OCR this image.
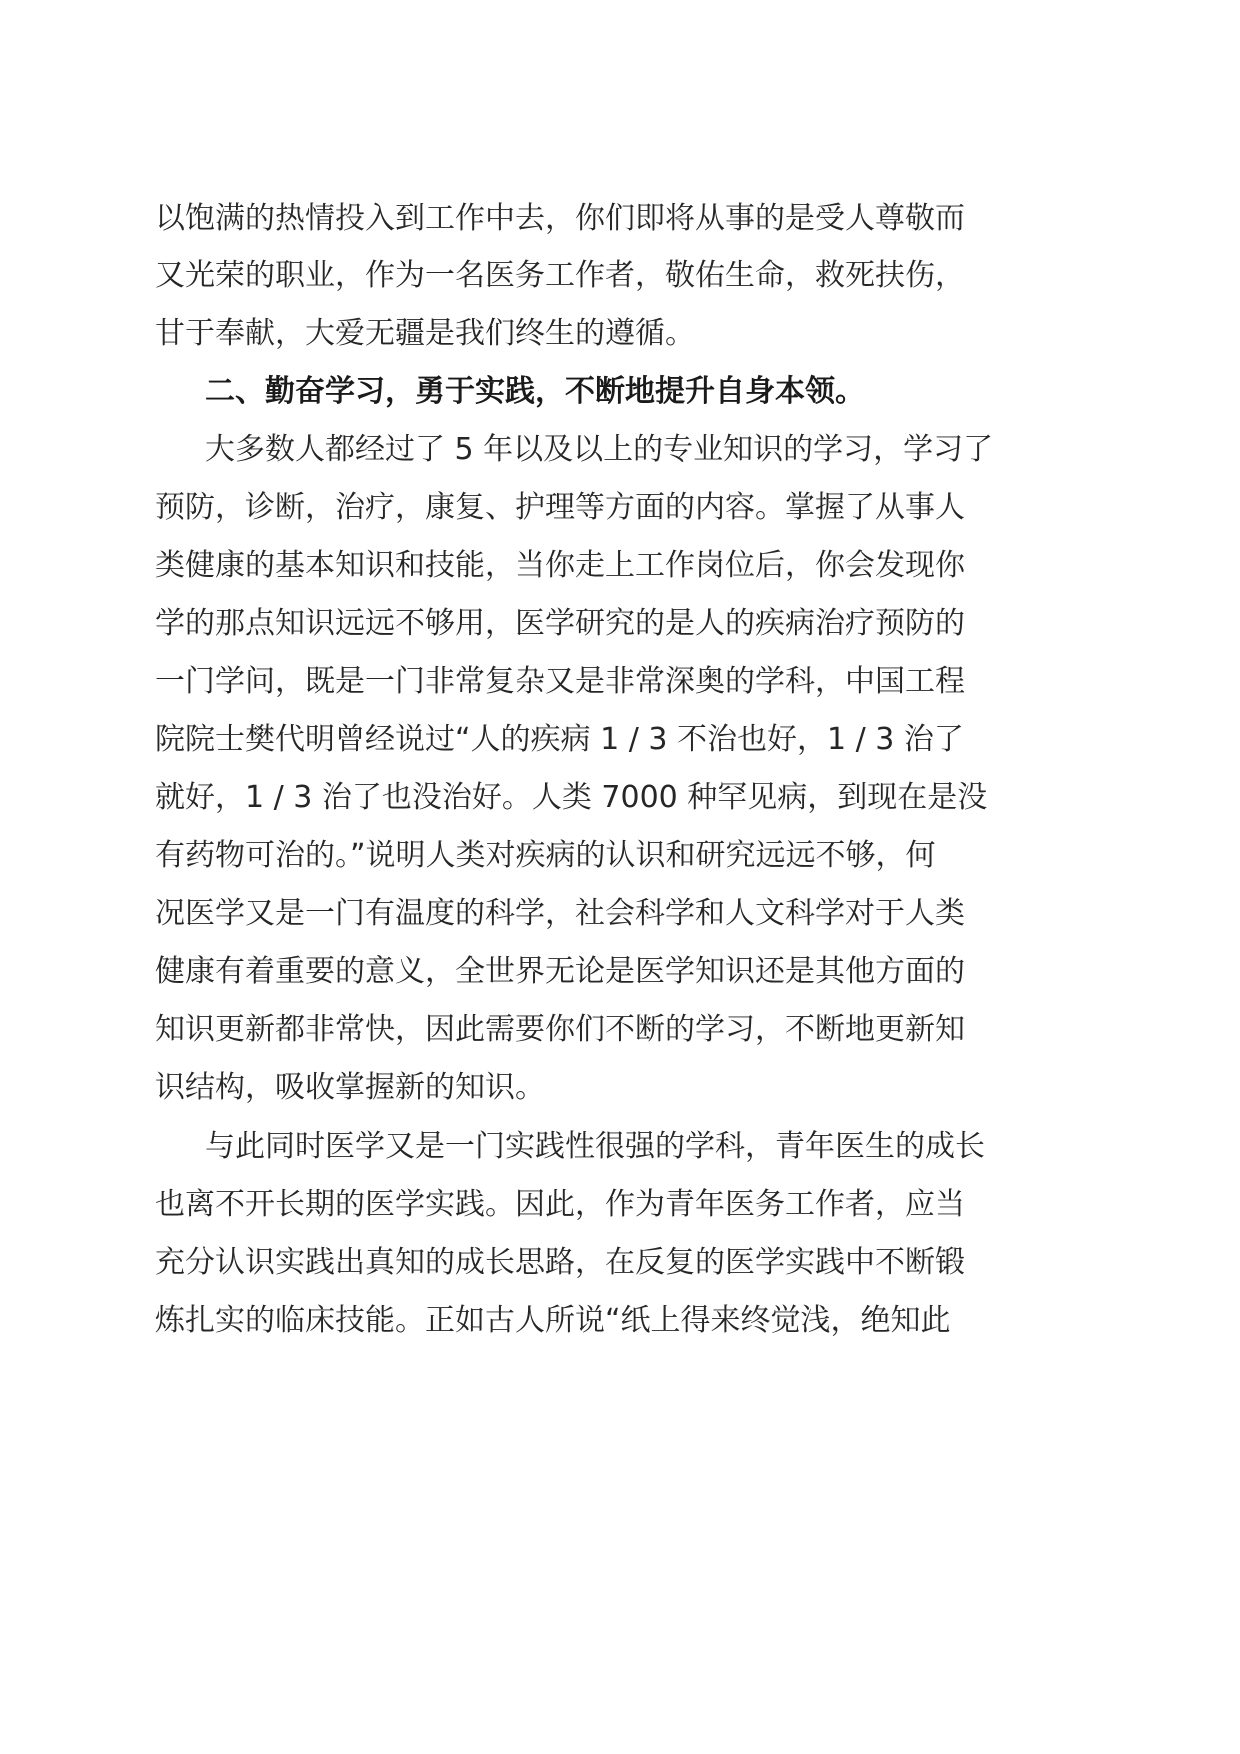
以饱满的热情投入到工作中去，你们即将从事的是受人尊敬而
又光荣的职业，作为一名医务工作者，敬佑生命，救死扶伤，
甘于奉献，大爱无疆是我们终生的遵循。
二、勤奋学习，勇于实践，不断地提升自身本领。
大多数人都经过了 5 年以及以上的专业知识的学习，学习了
预防，诊断，治疗，康复、护理等方面的内容。掌握了从事人
类健康的基本知识和技能，当你走上工作岗位后，你会发现你
学的那点知识远远不够用，医学研究的是人的疾病治疗预防的
一门学问，既是一门非常复杂又是非常深奥的学科，中国工程
院院士樊代明曾经说过“人的疾病 1 / 3 不治也好，1 / 3 治了
就好，1 / 3 治了也没治好。人类 7000 种罕见病，到现在是没
有药物可治的。”说明人类对疾病的认识和研究远远不够，何
况医学又是一门有温度的科学，社会科学和人文科学对于人类
健康有着重要的意义，全世界无论是医学知识还是其他方面的
知识更新都非常快，因此需要你们不断的学习，不断地更新知
识结构，吸收掌握新的知识。
与此同时医学又是一门实践性很强的学科，青年医生的成长
也离不开长期的医学实践。因此，作为青年医务工作者，应当
充分认识实践出真知的成长思路，在反复的医学实践中不断锻
炼扎实的临床技能。正如古人所说“纸上得来终觉浅，绝知此
